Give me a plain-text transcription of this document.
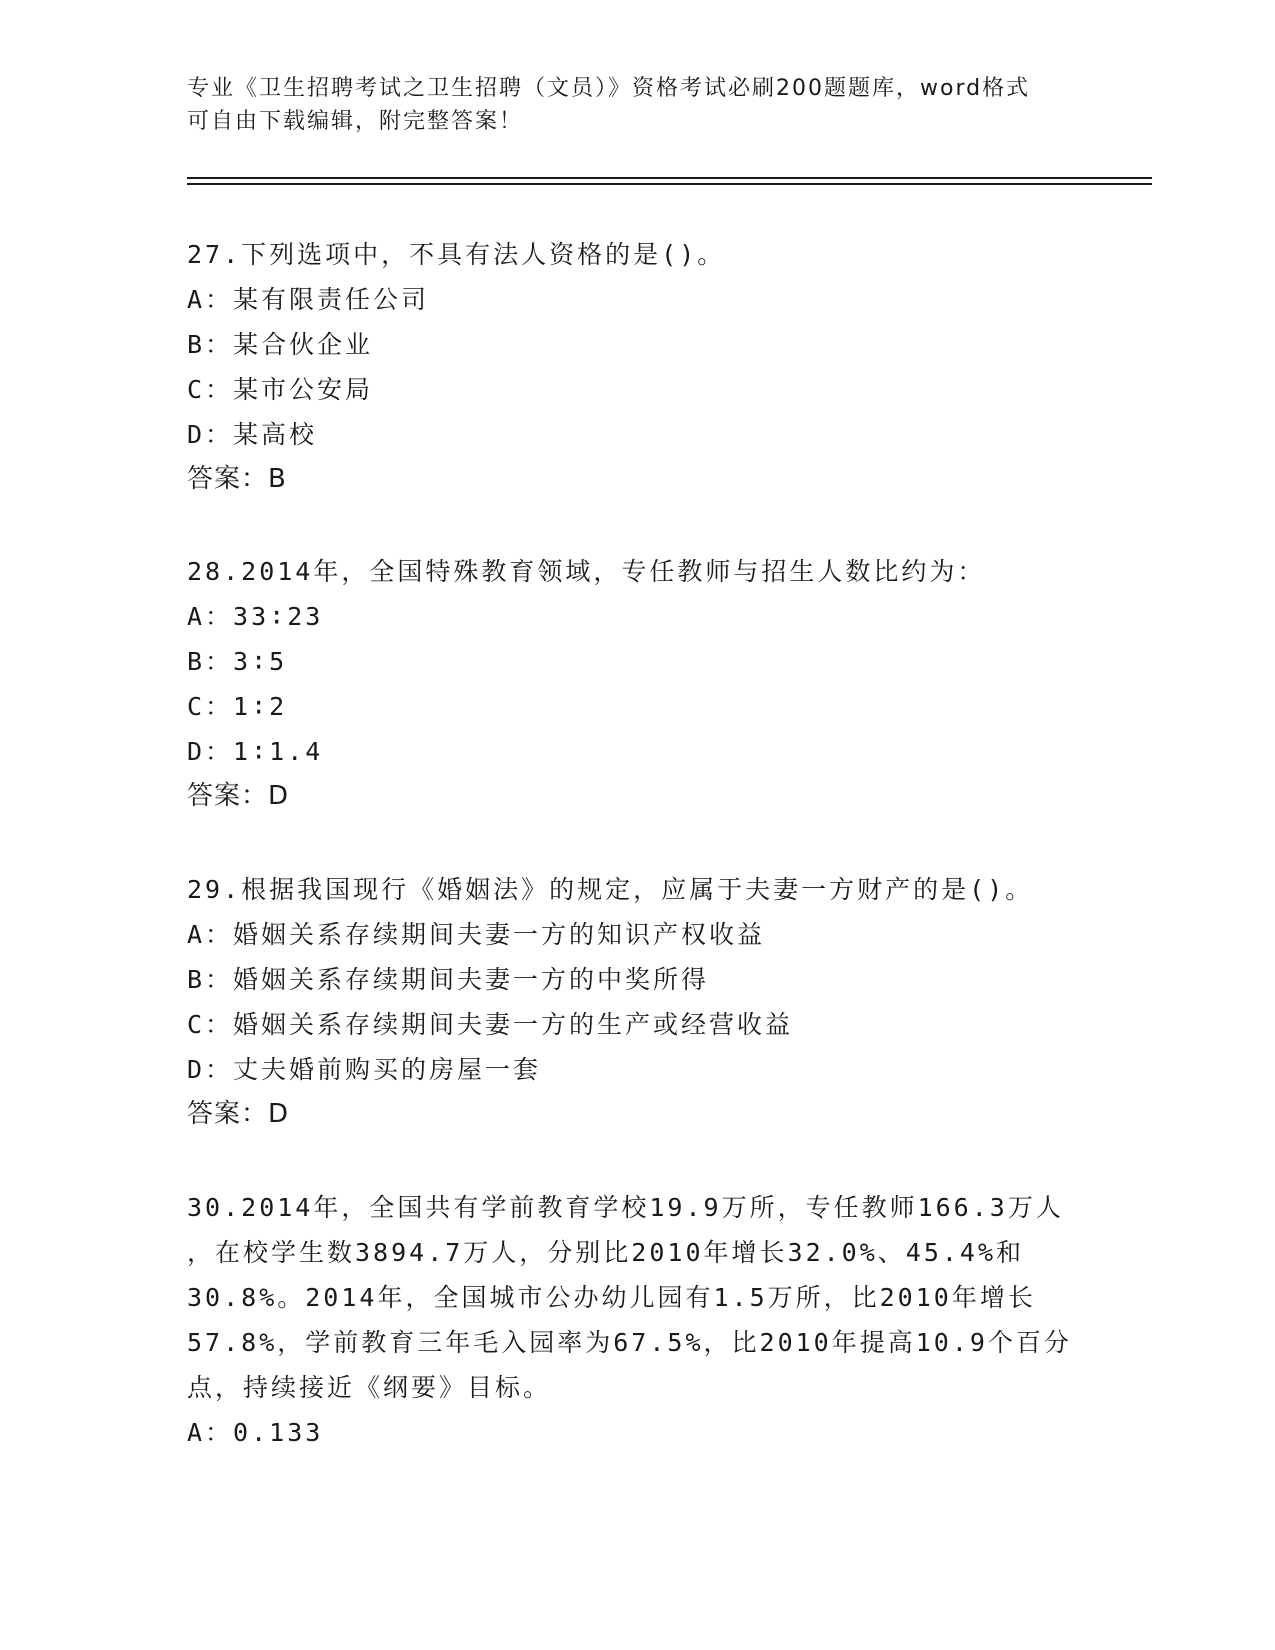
专业《卫生招聘考试之卫生招聘（文员）》资格考试必刷200题题库，word格式
可自由下载编辑，附完整答案！
27.下列选项中，不具有法人资格的是()。
A：某有限责任公司
B：某合伙企业
C：某市公安局
D：某高校
答案：B
28.2014年，全国特殊教育领域，专任教师与招生人数比约为：
A：33∶23
B：3∶5
C：1∶2
D：1∶1.4
答案：D
29.根据我国现行《婚姻法》的规定，应属于夫妻一方财产的是()。
A：婚姻关系存续期间夫妻一方的知识产权收益
B：婚姻关系存续期间夫妻一方的中奖所得
C：婚姻关系存续期间夫妻一方的生产或经营收益
D：丈夫婚前购买的房屋一套
答案：D
30.2014年，全国共有学前教育学校19.9万所，专任教师166.3万人
，在校学生数3894.7万人，分别比2010年增长32.0%、45.4%和
30.8%。2014年，全国城市公办幼儿园有1.5万所，比2010年增长
57.8%，学前教育三年毛入园率为67.5%，比2010年提高10.9个百分
点，持续接近《纲要》目标。
A：0.133
